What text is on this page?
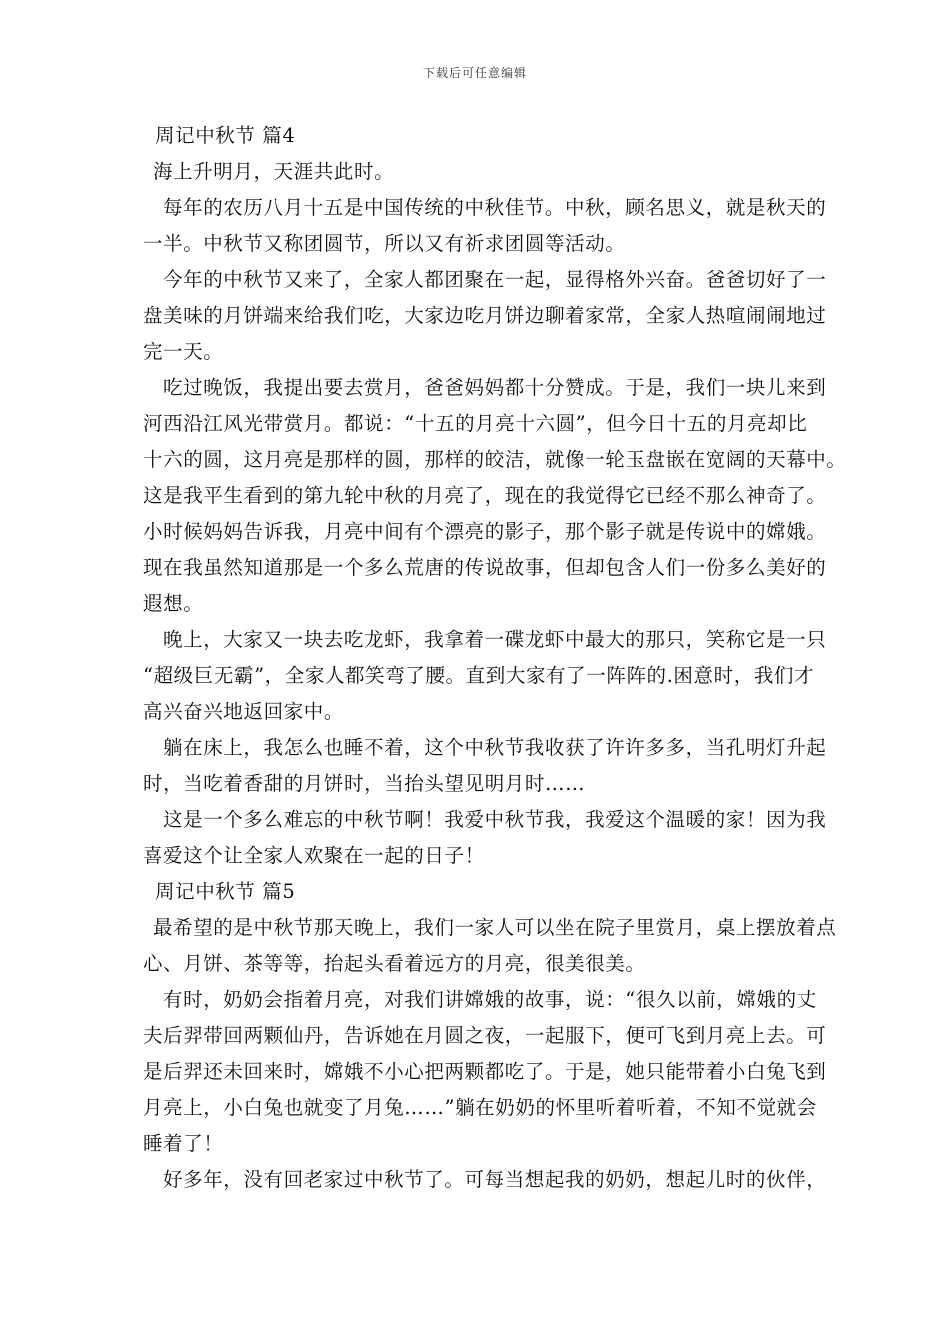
下载后可任意编辑
周记中秋节 篇4
海上升明月，天涯共此时。
每年的农历八月十五是中国传统的中秋佳节。中秋，顾名思义，就是秋天的
一半。中秋节又称团圆节，所以又有祈求团圆等活动。
今年的中秋节又来了，全家人都团聚在一起，显得格外兴奋。爸爸切好了一
盘美味的月饼端来给我们吃，大家边吃月饼边聊着家常，全家人热喧闹闹地过
完一天。
吃过晚饭，我提出要去赏月，爸爸妈妈都十分赞成。于是，我们一块儿来到
河西沿江风光带赏月。都说：“十五的月亮十六圆”，但今日十五的月亮却比
十六的圆，这月亮是那样的圆，那样的皎洁，就像一轮玉盘嵌在宽阔的天幕中。
这是我平生看到的第九轮中秋的月亮了，现在的我觉得它已经不那么神奇了。
小时候妈妈告诉我，月亮中间有个漂亮的影子，那个影子就是传说中的嫦娥。
现在我虽然知道那是一个多么荒唐的传说故事，但却包含人们一份多么美好的
遐想。
晚上，大家又一块去吃龙虾，我拿着一碟龙虾中最大的那只，笑称它是一只
“超级巨无霸”，全家人都笑弯了腰。直到大家有了一阵阵的.困意时，我们才
高兴奋兴地返回家中。
躺在床上，我怎么也睡不着，这个中秋节我收获了许许多多，当孔明灯升起
时，当吃着香甜的月饼时，当抬头望见明月时……
这是一个多么难忘的中秋节啊！我爱中秋节我，我爱这个温暖的家！因为我
喜爱这个让全家人欢聚在一起的日子！
周记中秋节 篇5
最希望的是中秋节那天晚上，我们一家人可以坐在院子里赏月，桌上摆放着点
心、月饼、茶等等，抬起头看着远方的月亮，很美很美。
有时，奶奶会指着月亮，对我们讲嫦娥的故事，说：“很久以前，嫦娥的丈
夫后羿带回两颗仙丹，告诉她在月圆之夜，一起服下，便可飞到月亮上去。可
是后羿还未回来时，嫦娥不小心把两颗都吃了。于是，她只能带着小白兔飞到
月亮上，小白兔也就变了月兔……”躺在奶奶的怀里听着听着，不知不觉就会
睡着了！
好多年，没有回老家过中秋节了。可每当想起我的奶奶，想起儿时的伙伴，
